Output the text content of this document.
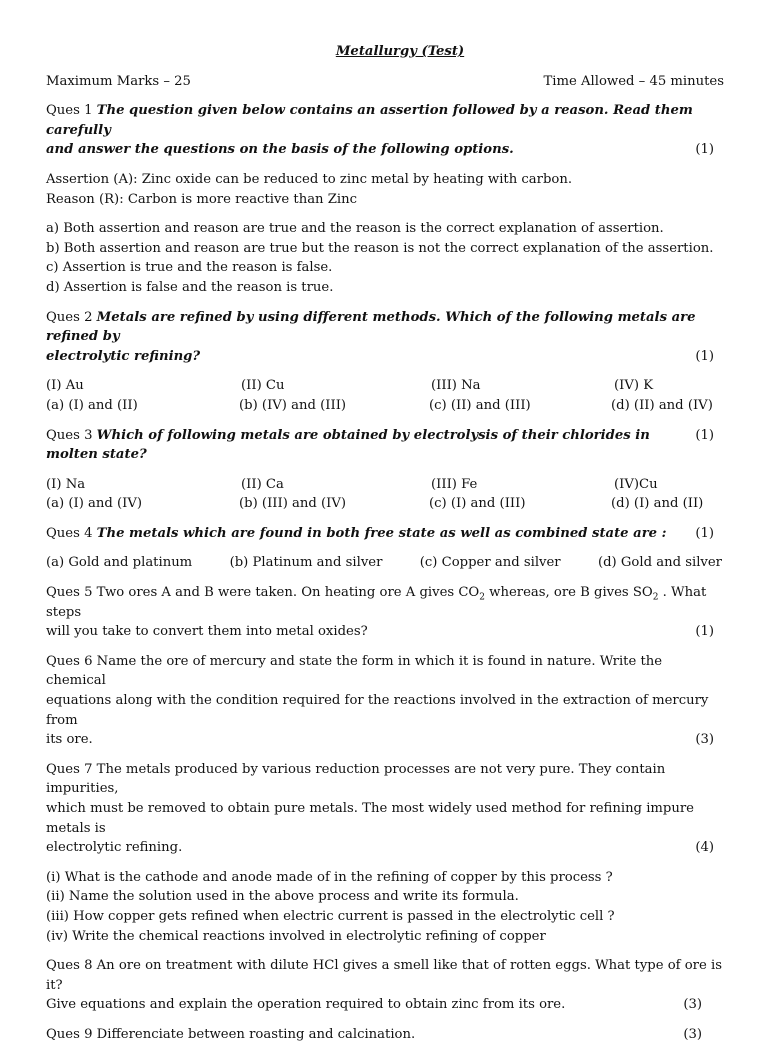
Metallurgy (Test)
Maximum Marks – 25	Time Allowed – 45 minutes

Ques 1 The question given below contains an assertion followed by a reason. Read them carefully

and answer the questions on the basis of the following options.	(1)

Assertion (A): Zinc oxide can be reduced to zinc metal by heating with carbon.

Reason (R): Carbon is more reactive than Zinc

a) Both assertion and reason are true and the reason is the correct explanation of assertion.

b) Both assertion and reason are true but the reason is not the correct explanation of the assertion.

c) Assertion is true and the reason is false.

d) Assertion is false and the reason is true.

Ques 2 Metals are refined by using different methods. Which of the following metals are refined by

electrolytic refining?	(1)
(I) Au	(II) Cu	(III) Na	(IV) K
(a) (I) and (II)	(b) (IV) and (III)	(c) (II) and (III)	(d) (II) and (IV)
Ques 3 Which of following metals are obtained by electrolysis of their chlorides in molten state?
(1)
(I) Na	(II) Ca	(III) Fe	(IV)Cu
(a) (I) and (IV)	(b) (III) and (IV)	(c) (I) and (III)	(d) (I) and (II)
Ques 4 The metals which are found in both free state as well as combined state are : (1)
(a) Gold and platinum	(b) Platinum and silver	(c) Copper and silver	(d) Gold and silver

Ques 5 Two ores A and B were taken. On heating ore A gives $CO_2$ whereas, ore B gives $SO_2$ . What steps

will you take to convert them into metal oxides?	(1)

Ques 6 Name the ore of mercury and state the form in which it is found in nature. Write the chemical

equations along with the condition required for the reactions involved in the extraction of mercury from

its ore.	(3)

Ques 7 The metals produced by various reduction processes are not very pure. They contain impurities,

which must be removed to obtain pure metals. The most widely used method for refining impure metals is

electrolytic refining.	(4)

(i) What is the cathode and anode made of in the refining of copper by this process ?

(ii) Name the solution used in the above process and write its formula.

(iii) How copper gets refined when electric current is passed in the electrolytic cell ?

(iv) Write the chemical reactions involved in electrolytic refining of copper

Ques 8 An ore on treatment with dilute HCl gives a smell like that of rotten eggs. What type of ore is it?

Give equations and explain the operation required to obtain zinc from its ore.	(3)
Ques 9 Differenciate between roasting and calcination.	(3)
